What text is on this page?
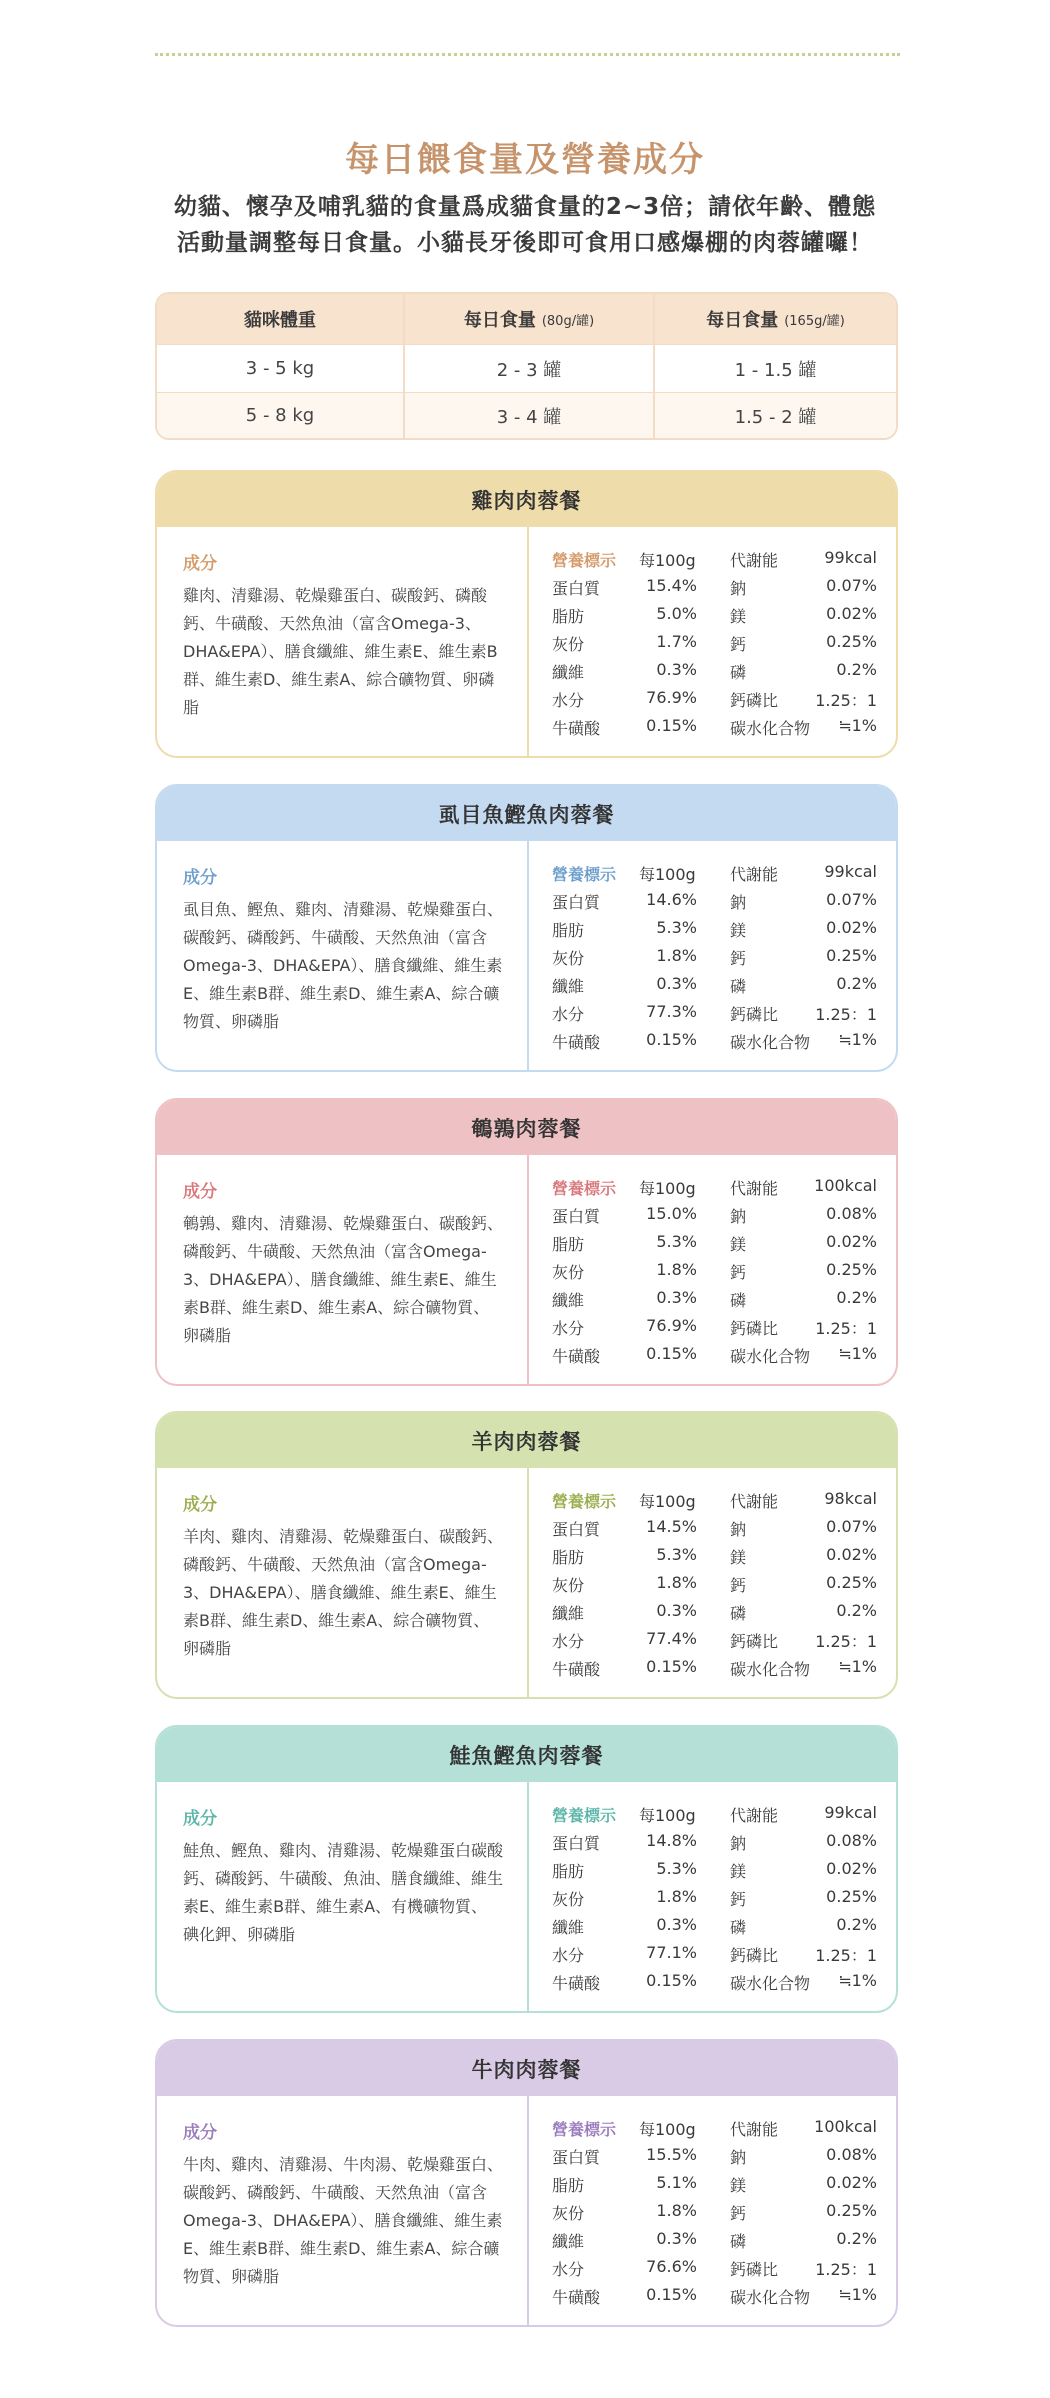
每日餵食量及營養成分
幼貓、懷孕及哺乳貓的食量爲成貓食量的2~3倍；請依年齡、體態
活動量調整每日食量。小貓長牙後即可食用口感爆棚的肉蓉罐囉！
貓咪體重	每日食量 (80g/罐)	每日食量 (165g/罐)
3 - 5 kg	2 - 3 罐	1 - 1.5 罐
5 - 8 kg	3 - 4 罐	1.5 - 2 罐
雞肉肉蓉餐
成分
雞肉、清雞湯、乾燥雞蛋白、碳酸鈣、磷酸鈣、牛磺酸、天然魚油（富含Omega-3、DHA&EPA）、膳食纖維、維生素E、維生素B群、維生素D、維生素A、綜合礦物質、卵磷脂
營養標示 每100g 代謝能	99kcal
蛋白質	15.4% 鈉	0.07%
脂肪	5.0% 鎂	0.02%
灰份	1.7% 鈣	0.25%
纖維	0.3% 磷	0.2%
水分	76.9% 鈣磷比	1.25：1
牛磺酸	0.15% 碳水化合物	≒1%
虱目魚鰹魚肉蓉餐
成分
虱目魚、鰹魚、雞肉、清雞湯、乾燥雞蛋白、碳酸鈣、磷酸鈣、牛磺酸、天然魚油（富含Omega-3、DHA&EPA）、膳食纖維、維生素E、維生素B群、維生素D、維生素A、綜合礦物質、卵磷脂
營養標示 每100g 代謝能	99kcal
蛋白質	14.6% 鈉	0.07%
脂肪	5.3% 鎂	0.02%
灰份	1.8% 鈣	0.25%
纖維	0.3% 磷	0.2%
水分	77.3% 鈣磷比	1.25：1
牛磺酸	0.15% 碳水化合物	≒1%
鵪鶉肉蓉餐
成分
鵪鶉、雞肉、清雞湯、乾燥雞蛋白、碳酸鈣、磷酸鈣、牛磺酸、天然魚油（富含Omega-3、DHA&EPA）、膳食纖維、維生素E、維生素B群、維生素D、維生素A、綜合礦物質、卵磷脂
營養標示 每100g 代謝能	100kcal
蛋白質	15.0% 鈉	0.08%
脂肪	5.3% 鎂	0.02%
灰份	1.8% 鈣	0.25%
纖維	0.3% 磷	0.2%
水分	76.9% 鈣磷比	1.25：1
牛磺酸	0.15% 碳水化合物	≒1%
羊肉肉蓉餐
成分
羊肉、雞肉、清雞湯、乾燥雞蛋白、碳酸鈣、磷酸鈣、牛磺酸、天然魚油（富含Omega-3、DHA&EPA）、膳食纖維、維生素E、維生素B群、維生素D、維生素A、綜合礦物質、卵磷脂
營養標示 每100g 代謝能	98kcal
蛋白質	14.5% 鈉	0.07%
脂肪	5.3% 鎂	0.02%
灰份	1.8% 鈣	0.25%
纖維	0.3% 磷	0.2%
水分	77.4% 鈣磷比	1.25：1
牛磺酸	0.15% 碳水化合物	≒1%
鮭魚鰹魚肉蓉餐
成分
鮭魚、鰹魚、雞肉、清雞湯、乾燥雞蛋白碳酸鈣、磷酸鈣、牛磺酸、魚油、膳食纖維、維生素E、維生素B群、維生素A、有機礦物質、碘化鉀、卵磷脂
營養標示 每100g 代謝能	99kcal
蛋白質	14.8% 鈉	0.08%
脂肪	5.3% 鎂	0.02%
灰份	1.8% 鈣	0.25%
纖維	0.3% 磷	0.2%
水分	77.1% 鈣磷比	1.25：1
牛磺酸	0.15% 碳水化合物	≒1%
牛肉肉蓉餐
成分
牛肉、雞肉、清雞湯、牛肉湯、乾燥雞蛋白、碳酸鈣、磷酸鈣、牛磺酸、天然魚油（富含Omega-3、DHA&EPA）、膳食纖維、維生素E、維生素B群、維生素D、維生素A、綜合礦物質、卵磷脂
營養標示 每100g 代謝能	100kcal
蛋白質	15.5% 鈉	0.08%
脂肪	5.1% 鎂	0.02%
灰份	1.8% 鈣	0.25%
纖維	0.3% 磷	0.2%
水分	76.6% 鈣磷比	1.25：1
牛磺酸	0.15% 碳水化合物	≒1%
